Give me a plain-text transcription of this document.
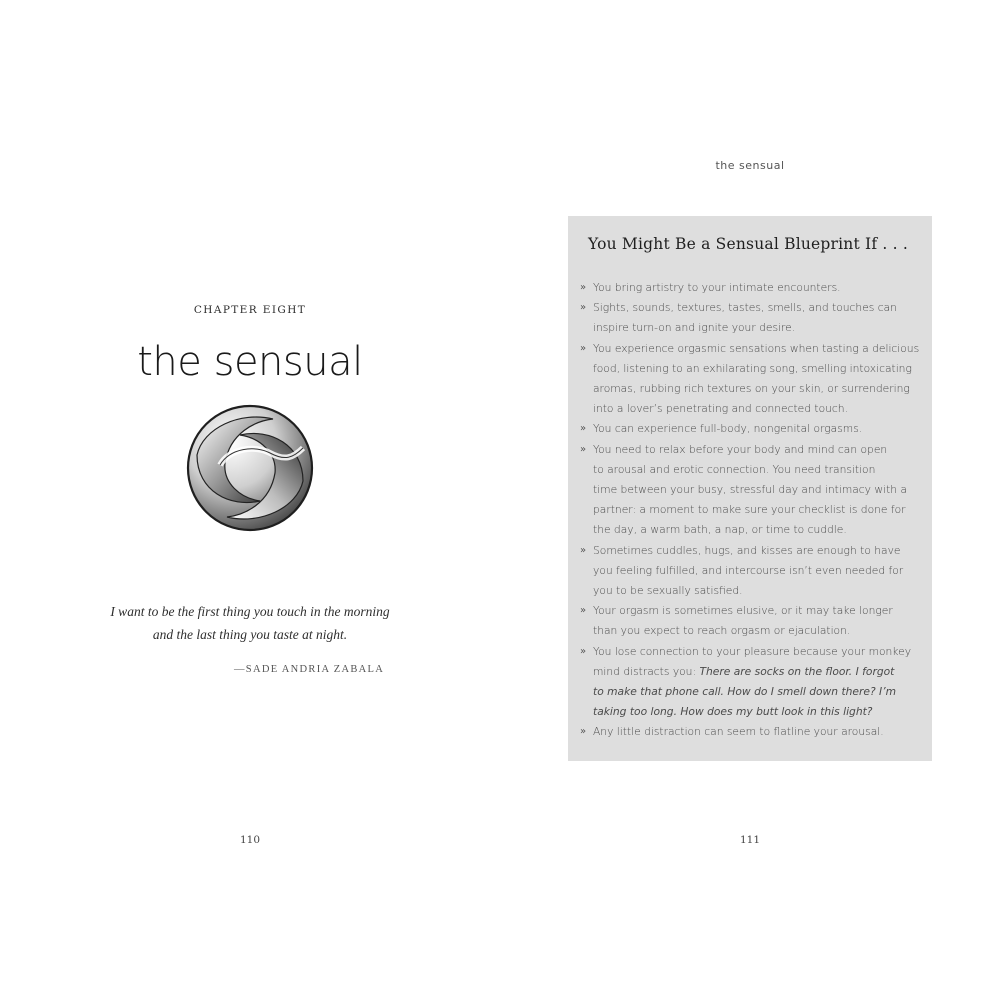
CHAPTER EIGHT
the sensual
I want to be the first thing you touch in the morning
and the last thing you taste at night.
—SADE ANDRIA ZABALA
110
the sensual
You Might Be a Sensual Blueprint If . . .
» You bring artistry to your intimate encounters.
» Sights, sounds, textures, tastes, smells, and touches can
inspire turn-on and ignite your desire.
» You experience orgasmic sensations when tasting a delicious
food, listening to an exhilarating song, smelling intoxicating
aromas, rubbing rich textures on your skin, or surrendering
into a lover’s penetrating and connected touch.
» You can experience full-body, nongenital orgasms.
» You need to relax before your body and mind can open
to arousal and erotic connection. You need transition
time between your busy, stressful day and intimacy with a
partner: a moment to make sure your checklist is done for
the day, a warm bath, a nap, or time to cuddle.
» Sometimes cuddles, hugs, and kisses are enough to have
you feeling fulfilled, and intercourse isn’t even needed for
you to be sexually satisfied.
» Your orgasm is sometimes elusive, or it may take longer
than you expect to reach orgasm or ejaculation.
» You lose connection to your pleasure because your monkey
mind distracts you: There are socks on the floor. I forgot
to make that phone call. How do I smell down there? I’m
taking too long. How does my butt look in this light?
» Any little distraction can seem to flatline your arousal.
111
